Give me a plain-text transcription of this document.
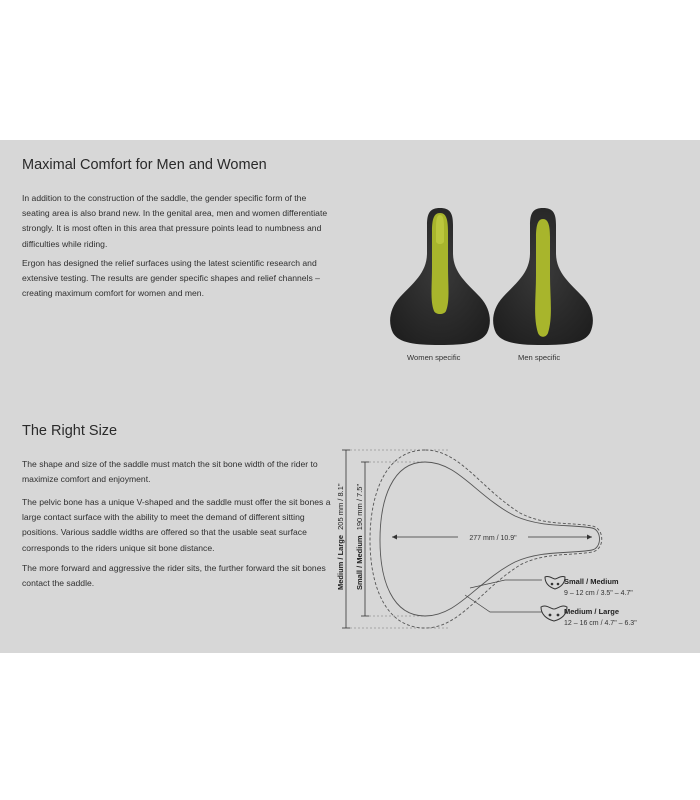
Maximal Comfort for Men and Women

In addition to the construction of the saddle, the gender specific form of the seating area is also brand new. In the genital area, men and women differentiate strongly. It is most often in this area that pressure points lead to numbness and difficulties while riding.

Ergon has designed the relief surfaces using the latest scientific research and extensive testing. The results are gender specific shapes and relief channels – creating maximum comfort for women and men.

Women specific	Men specific
The Right Size

The shape and size of the saddle must match the sit bone width of the rider to maximize comfort and enjoyment.

The pelvic bone has a unique V-shaped and the saddle must offer the sit bones a large contact surface with the ability to meet the demand of different sitting positions. Various saddle widths are offered so that the usable seat surface corresponds to the riders unique sit bone distance.

The more forward and aggressive the rider sits, the further forward the sit bones contact the saddle.	Medium / Large 205 mm / 8.1"
Small / Medium 190 mm / 7.5"
277 mm / 10.9"
Small / Medium
9 – 12 cm / 3.5" – 4.7"
Medium / Large
12 – 16 cm / 4.7" – 6.3"
